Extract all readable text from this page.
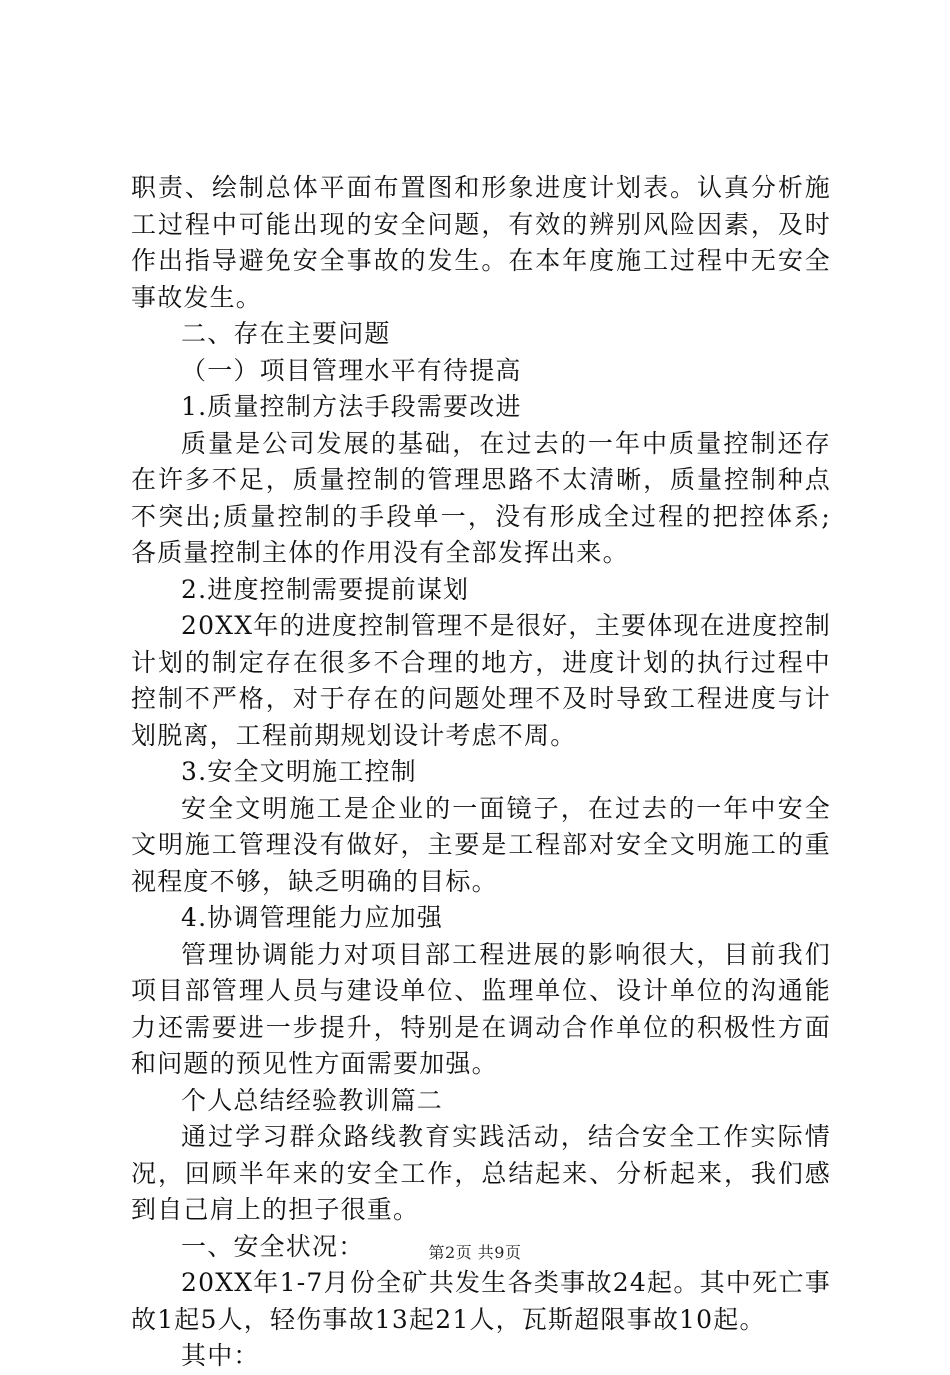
职责、绘制总体平面布置图和形象进度计划表。认真分析施工过程中可能出现的安全问题，有效的辨别风险因素，及时作出指导避免安全事故的发生。在本年度施工过程中无安全事故发生。

二、存在主要问题

（一）项目管理水平有待提高

1.质量控制方法手段需要改进

质量是公司发展的基础，在过去的一年中质量控制还存在许多不足，质量控制的管理思路不太清晰，质量控制种点不突出;质量控制的手段单一，没有形成全过程的把控体系;各质量控制主体的作用没有全部发挥出来。

2.进度控制需要提前谋划

20XX年的进度控制管理不是很好，主要体现在进度控制计划的制定存在很多不合理的地方，进度计划的执行过程中控制不严格，对于存在的问题处理不及时导致工程进度与计划脱离，工程前期规划设计考虑不周。

3.安全文明施工控制

安全文明施工是企业的一面镜子，在过去的一年中安全文明施工管理没有做好，主要是工程部对安全文明施工的重视程度不够，缺乏明确的目标。

4.协调管理能力应加强

管理协调能力对项目部工程进展的影响很大，目前我们项目部管理人员与建设单位、监理单位、设计单位的沟通能力还需要进一步提升，特别是在调动合作单位的积极性方面和问题的预见性方面需要加强。

个人总结经验教训篇二

通过学习群众路线教育实践活动，结合安全工作实际情况，回顾半年来的安全工作，总结起来、分析起来，我们感到自己肩上的担子很重。

一、安全状况：

20XX年1-7月份全矿共发生各类事故24起。其中死亡事故1起5人，轻伤事故13起21人，瓦斯超限事故10起。

其中：

第2页 共9页
